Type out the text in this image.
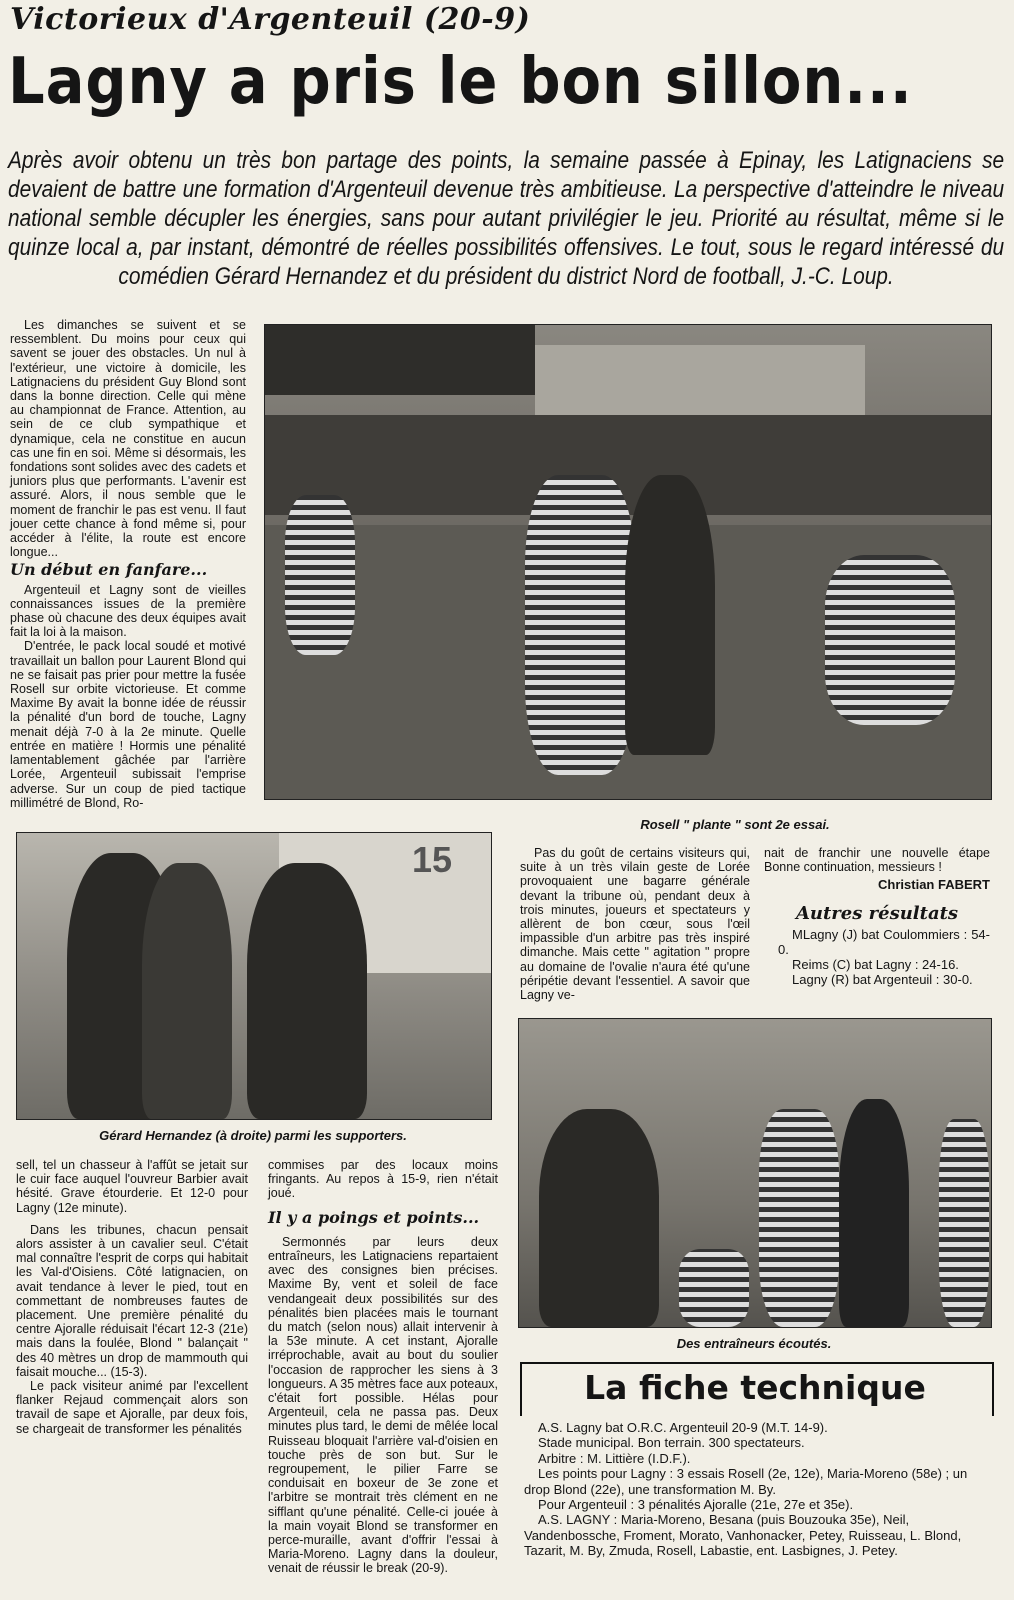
Victorieux d'Argenteuil (20-9)
Lagny a pris le bon sillon...
Après avoir obtenu un très bon partage des points, la semaine passée à Epinay, les Latignaciens se devaient de battre une formation d'Argenteuil devenue très ambitieuse. La perspective d'atteindre le niveau national semble décupler les énergies, sans pour autant privilégier le jeu. Priorité au résultat, même si le quinze local a, par instant, démontré de réelles possibilités offensives. Le tout, sous le regard intéressé du comédien Gérard Hernandez et du président du district Nord de football, J.-C. Loup.

Les dimanches se suivent et se ressemblent. Du moins pour ceux qui savent se jouer des obstacles. Un nul à l'extérieur, une victoire à domicile, les Latignaciens du président Guy Blond sont dans la bonne direction. Celle qui mène au championnat de France. Attention, au sein de ce club sympathique et dynamique, cela ne constitue en aucun cas une fin en soi. Même si désormais, les fondations sont solides avec des cadets et juniors plus que performants. L'avenir est assuré. Alors, il nous semble que le moment de franchir le pas est venu. Il faut jouer cette chance à fond même si, pour accéder à l'élite, la route est encore longue...

Un début en fanfare...

Argenteuil et Lagny sont de vieilles connaissances issues de la première phase où chacune des deux équipes avait fait la loi à la maison.

D'entrée, le pack local soudé et motivé travaillait un ballon pour Laurent Blond qui ne se faisait pas prier pour mettre la fusée Rosell sur orbite victorieuse. Et comme Maxime By avait la bonne idée de réussir la pénalité d'un bord de touche, Lagny menait déjà 7-0 à la 2e minute. Quelle entrée en matière ! Hormis une pénalité lamentablement gâchée par l'arrière Lorée, Argenteuil subissait l'emprise adverse. Sur un coup de pied tactique millimétré de Blond, Ro-

Rosell " plante " sont 2e essai.
15
Gérard Hernandez (à droite) parmi les supporters.

Pas du goût de certains visiteurs qui, suite à un très vilain geste de Lorée provoquaient une bagarre générale devant la tribune où, pendant deux à trois minutes, joueurs et spectateurs y allèrent de bon cœur, sous l'œil impassible d'un arbitre pas très inspiré dimanche. Mais cette " agitation " propre au domaine de l'ovalie n'aura été qu'une péripétie devant l'essentiel. A savoir que Lagny ve-

nait de franchir une nouvelle étape Bonne continuation, messieurs !

Christian FABERT
Autres résultats

MLagny (J) bat Coulommiers : 54-0.

Reims (C) bat Lagny : 24-16.

Lagny (R) bat Argenteuil : 30-0.

Des entraîneurs écoutés.

sell, tel un chasseur à l'affût se jetait sur le cuir face auquel l'ouvreur Barbier avait hésité. Grave étourderie. Et 12-0 pour Lagny (12e minute).

Dans les tribunes, chacun pensait alors assister à un cavalier seul. C'était mal connaître l'esprit de corps qui habitait les Val-d'Oisiens. Côté latignacien, on avait tendance à lever le pied, tout en commettant de nombreuses fautes de placement. Une première pénalité du centre Ajoralle réduisait l'écart 12-3 (21e) mais dans la foulée, Blond " balançait " des 40 mètres un drop de mammouth qui faisait mouche... (15-3).

Le pack visiteur animé par l'excellent flanker Rejaud commençait alors son travail de sape et Ajoralle, par deux fois, se chargeait de transformer les pénalités

commises par des locaux moins fringants. Au repos à 15-9, rien n'était joué.

Il y a poings et points...

Sermonnés par leurs deux entraîneurs, les Latignaciens repartaient avec des consignes bien précises. Maxime By, vent et soleil de face vendangeait deux possibilités sur des pénalités bien placées mais le tournant du match (selon nous) allait intervenir à la 53e minute. A cet instant, Ajoralle irréprochable, avait au bout du soulier l'occasion de rapprocher les siens à 3 longueurs. A 35 mètres face aux poteaux, c'était fort possible. Hélas pour Argenteuil, cela ne passa pas. Deux minutes plus tard, le demi de mêlée local Ruisseau bloquait l'arrière val-d'oisien en touche près de son but. Sur le regroupement, le pilier Farre se conduisait en boxeur de 3e zone et l'arbitre se montrait très clément en ne sifflant qu'une pénalité. Celle-ci jouée à la main voyait Blond se transformer en perce-muraille, avant d'offrir l'essai à Maria-Moreno. Lagny dans la douleur, venait de réussir le break (20-9).

La fiche technique

A.S. Lagny bat O.R.C. Argenteuil 20-9 (M.T. 14-9).

Stade municipal. Bon terrain. 300 spectateurs.

Arbitre : M. Littière (I.D.F.).

Les points pour Lagny : 3 essais Rosell (2e, 12e), Maria-Moreno (58e) ; un drop Blond (22e), une transformation M. By.

Pour Argenteuil : 3 pénalités Ajoralle (21e, 27e et 35e).

A.S. LAGNY : Maria-Moreno, Besana (puis Bouzouka 35e), Neil, Vandenbossche, Froment, Morato, Vanhonacker, Petey, Ruisseau, L. Blond, Tazarit, M. By, Zmuda, Rosell, Labastie, ent. Lasbignes, J. Petey.
